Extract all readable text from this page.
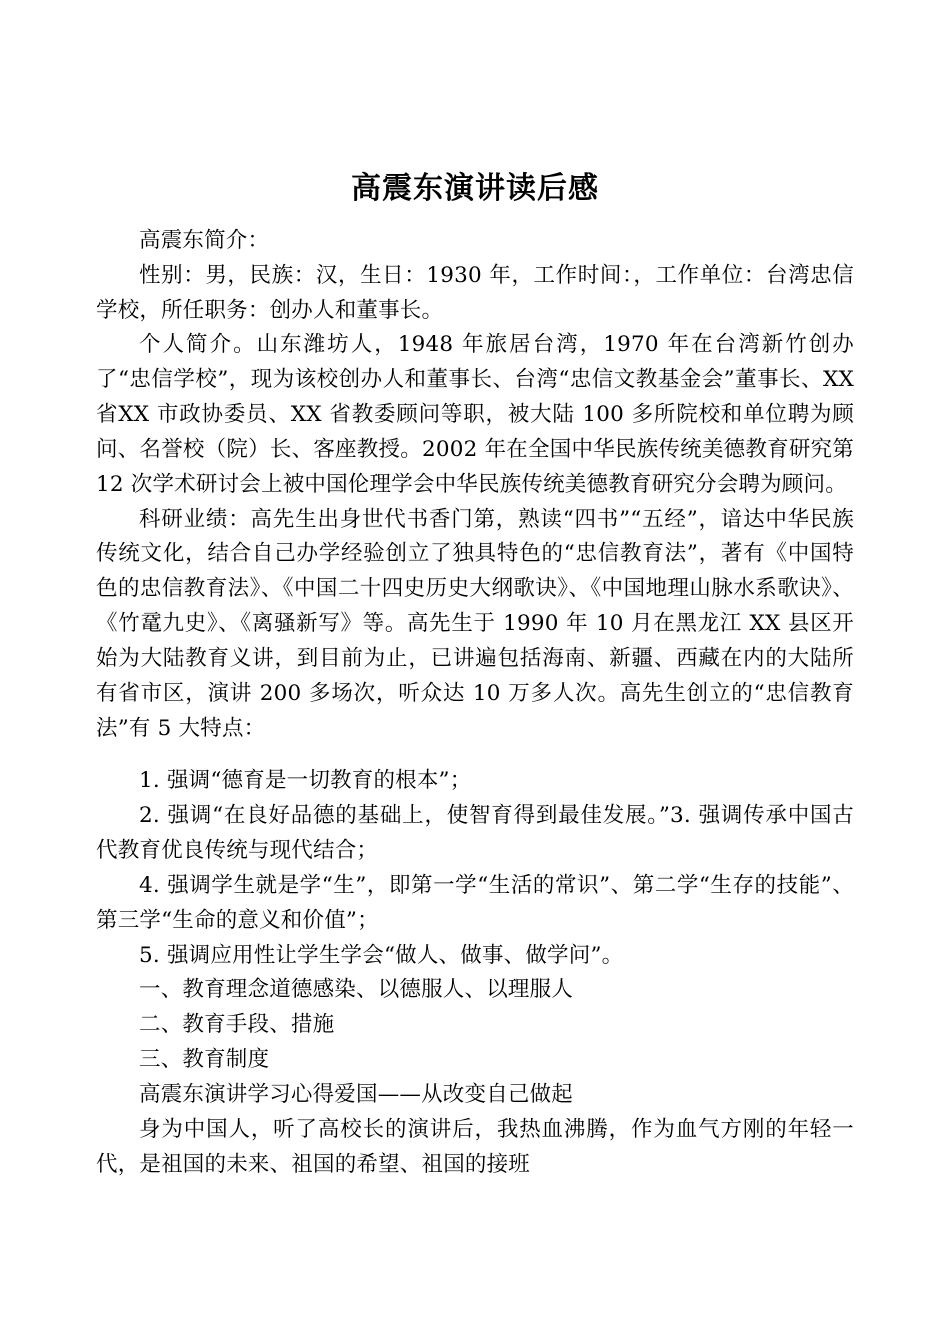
高震东演讲读后感

高震东简介：

性别：男，民族：汉，生日：1930 年，工作时间：，工作单位：台湾忠信学校，所任职务：创办人和董事长。

个人简介。山东潍坊人，1948 年旅居台湾，1970 年在台湾新竹创办了“忠信学校”，现为该校创办人和董事长、台湾“忠信文教基金会”董事长、XX 省XX 市政协委员、XX 省教委顾问等职，被大陆 100 多所院校和单位聘为顾问、名誉校（院）长、客座教授。2002 年在全国中华民族传统美德教育研究第 12 次学术研讨会上被中国伦理学会中华民族传统美德教育研究分会聘为顾问。

科研业绩：高先生出身世代书香门第，熟读“四书”“五经”，谙达中华民族传统文化，结合自己办学经验创立了独具特色的“忠信教育法”，著有《中国特色的忠信教育法》、《中国二十四史历史大纲歌诀》、《中国地理山脉水系歌诀》、《竹鼋九史》、《离骚新写》等。高先生于 1990 年 10 月在黑龙江 XX 县区开始为大陆教育义讲，到目前为止，已讲遍包括海南、新疆、西藏在内的大陆所有省市区，演讲 200 多场次，听众达 10 万多人次。高先生创立的“忠信教育法”有 5 大特点：

1. 强调“德育是一切教育的根本”；

2. 强调“在良好品德的基础上，使智育得到最佳发展。”3. 强调传承中国古代教育优良传统与现代结合；

4. 强调学生就是学“生”，即第一学“生活的常识”、第二学“生存的技能”、第三学“生命的意义和价值”；

5. 强调应用性让学生学会“做人、做事、做学问”。

一、教育理念道德感染、以德服人、以理服人

二、教育手段、措施

三、教育制度

高震东演讲学习心得爱国——从改变自己做起

身为中国人，听了高校长的演讲后，我热血沸腾，作为血气方刚的年轻一代，是祖国的未来、祖国的希望、祖国的接班
